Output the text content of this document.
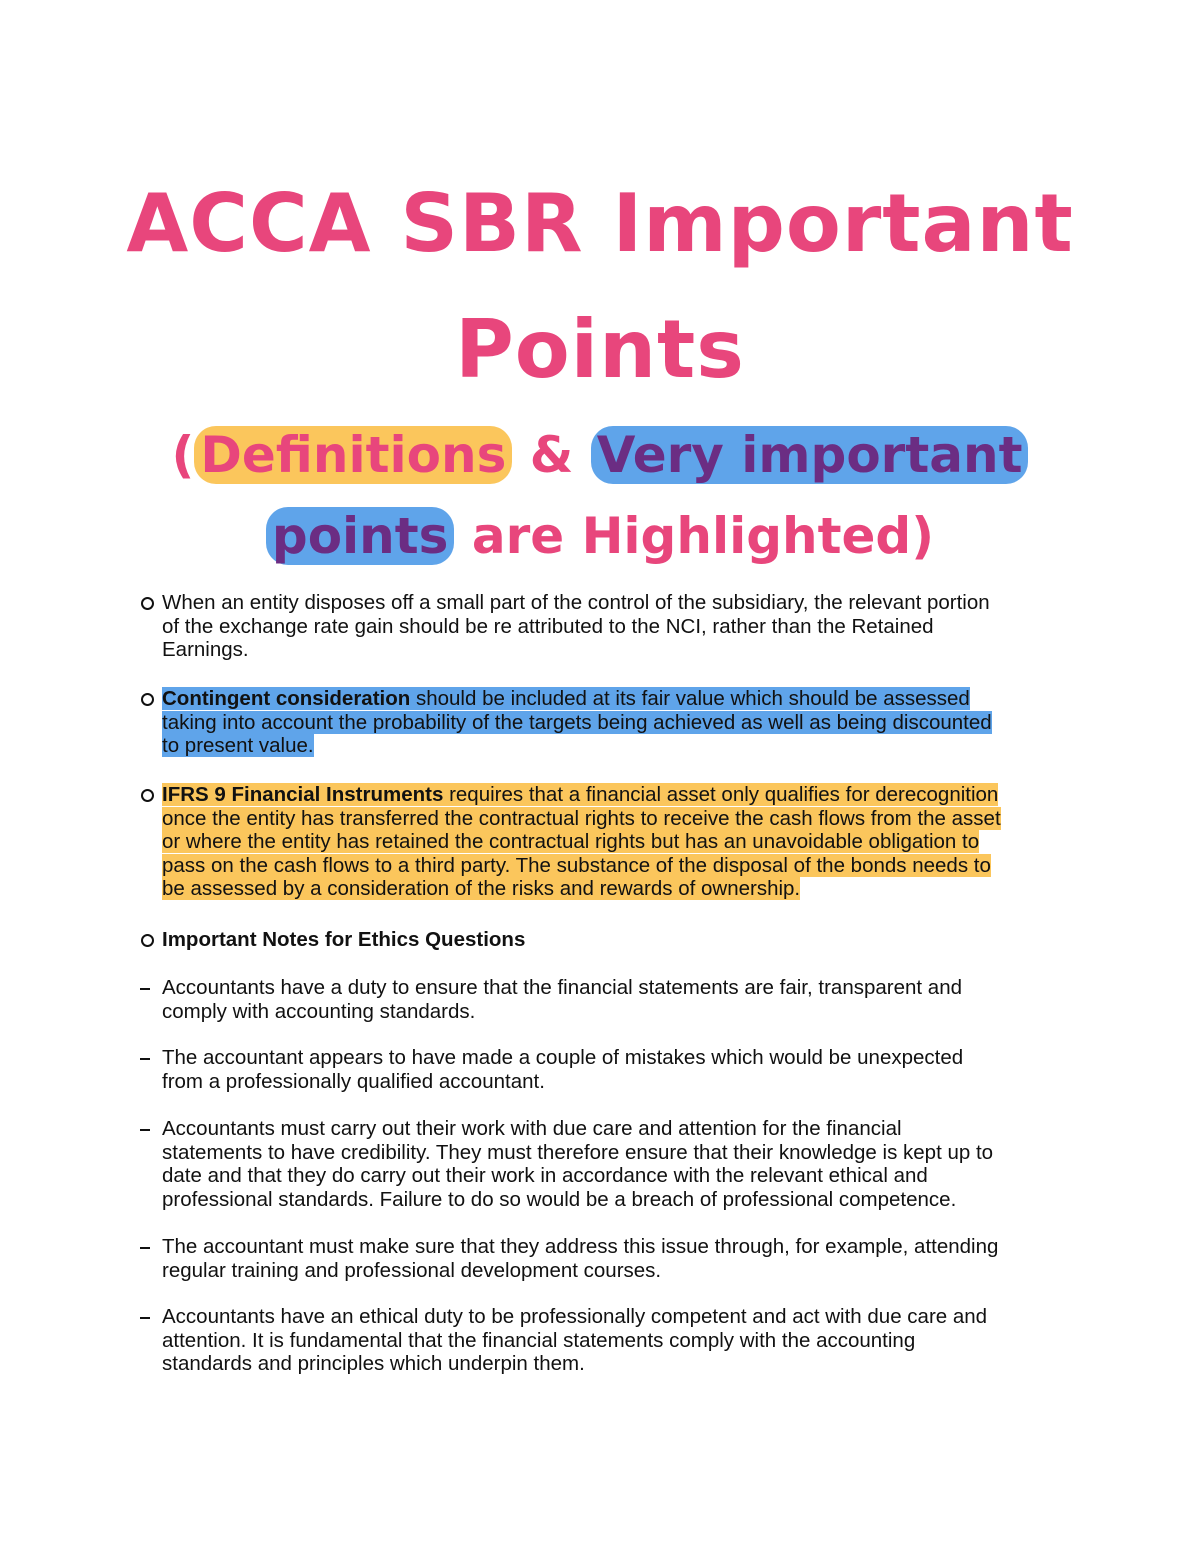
ACCA SBR Important
Points
( Definitions & Very important
points are Highlighted)
When an entity disposes off a small part of the control of the subsidiary, the relevant portion
of the exchange rate gain should be re attributed to the NCI, rather than the Retained
Earnings.
Contingent consideration should be included at its fair value which should be assessed
taking into account the probability of the targets being achieved as well as being discounted
to present value.
IFRS 9 Financial Instruments requires that a financial asset only qualifies for derecognition
once the entity has transferred the contractual rights to receive the cash flows from the asset
or where the entity has retained the contractual rights but has an unavoidable obligation to
pass on the cash flows to a third party. The substance of the disposal of the bonds needs to
be assessed by a consideration of the risks and rewards of ownership.
Important Notes for Ethics Questions
Accountants have a duty to ensure that the financial statements are fair, transparent and
comply with accounting standards.
The accountant appears to have made a couple of mistakes which would be unexpected
from a professionally qualified accountant.
Accountants must carry out their work with due care and attention for the financial
statements to have credibility. They must therefore ensure that their knowledge is kept up to
date and that they do carry out their work in accordance with the relevant ethical and
professional standards. Failure to do so would be a breach of professional competence.
The accountant must make sure that they address this issue through, for example, attending
regular training and professional development courses.
Accountants have an ethical duty to be professionally competent and act with due care and
attention. It is fundamental that the financial statements comply with the accounting
standards and principles which underpin them.
